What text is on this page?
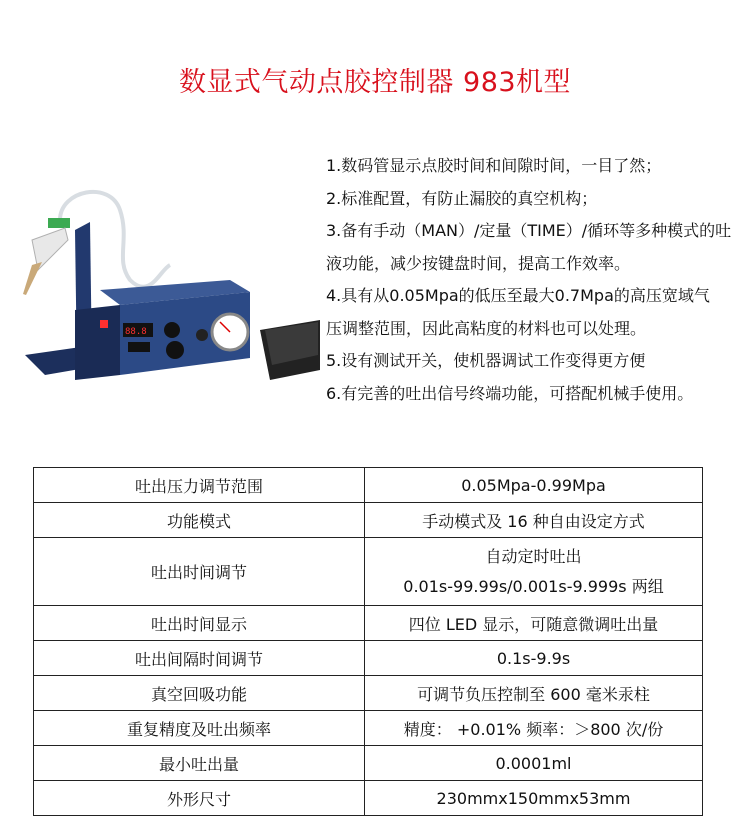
数显式气动点胶控制器 983机型
88.8
1.数码管显示点胶时间和间隙时间，一目了然；
2.标准配置，有防止漏胶的真空机构；
3.备有手动（MAN）/定量（TIME）/循环等多种模式的吐
液功能，减少按键盘时间，提高工作效率。
4.具有从0.05Mpa的低压至最大0.7Mpa的高压宽域气
压调整范围，因此高粘度的材料也可以处理。
5.设有测试开关，使机器调试工作变得更方便
6.有完善的吐出信号终端功能，可搭配机械手使用。
吐出压力调节范围	0.05Mpa-0.99Mpa
功能模式	手动模式及 16 种自由设定方式
吐出时间调节	自动定时吐出
0.01s-99.99s/0.001s-9.999s 两组

吐出时间显示	四位 LED 显示，可随意微调吐出量
吐出间隔时间调节	0.1s-9.9s
真空回吸功能	可调节负压控制至 600 毫米汞柱
重复精度及吐出频率	精度： +0.01% 频率：＞800 次/份
最小吐出量	0.0001ml
外形尺寸	230mmx150mmx53mm
